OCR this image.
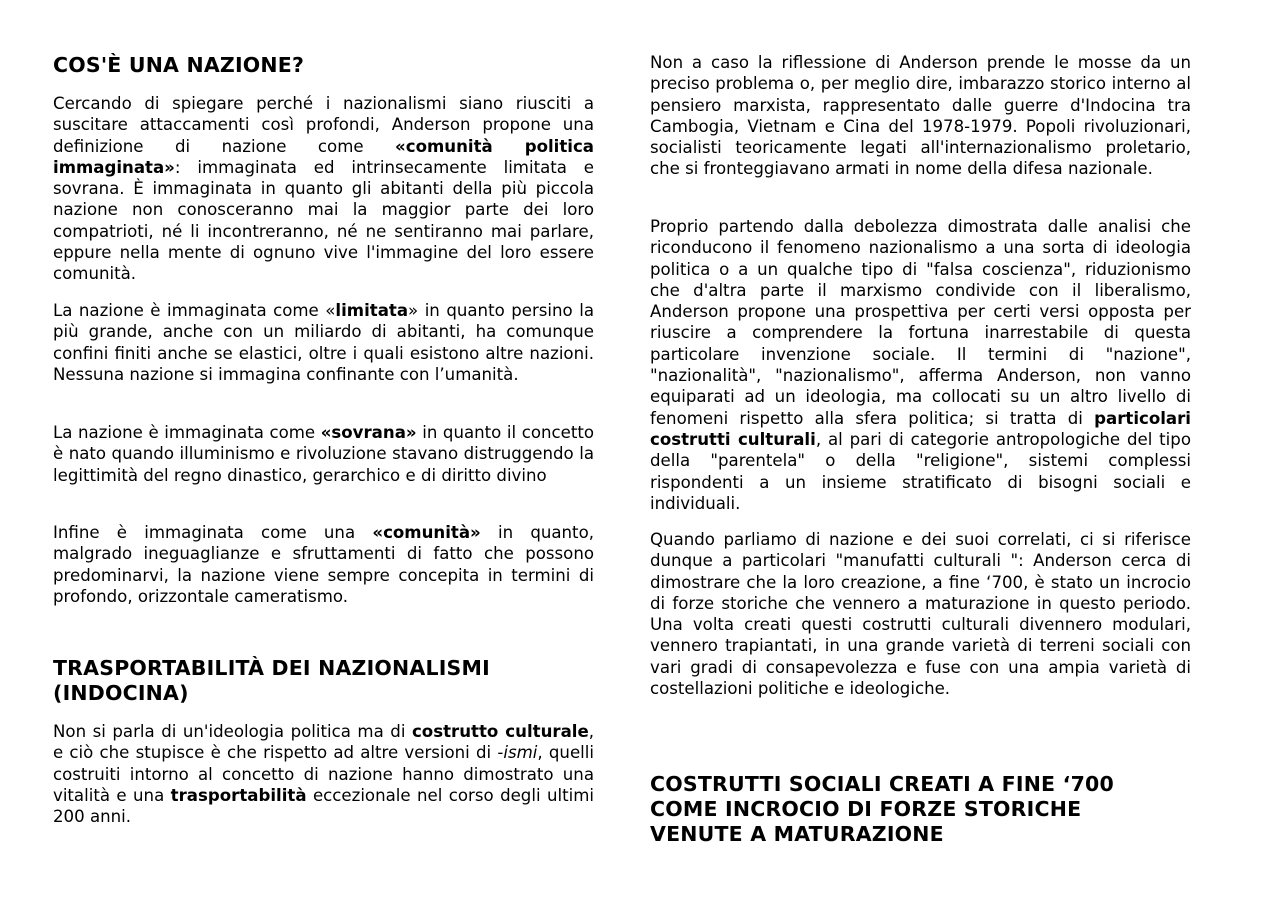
COS'È UNA NAZIONE?

Cercando di spiegare perché i nazionalismi siano riusciti a suscitare attaccamenti così profondi, Anderson propone una definizione di nazione come «comunità politica immaginata»: immaginata ed intrinsecamente limitata e sovrana. È immaginata in quanto gli abitanti della più piccola nazione non conosceranno mai la maggior parte dei loro compatrioti, né li incontreranno, né ne sentiranno mai parlare, eppure nella mente di ognuno vive l'immagine del loro essere comunità.

La nazione è immaginata come «limitata» in quanto persino la più grande, anche con un miliardo di abitanti, ha comunque confini finiti anche se elastici, oltre i quali esistono altre nazioni. Nessuna nazione si immagina confinante con l’umanità.

La nazione è immaginata come «sovrana» in quanto il concetto è nato quando illuminismo e rivoluzione stavano distruggendo la legittimità del regno dinastico, gerarchico e di diritto divino

Infine è immaginata come una «comunità» in quanto, malgrado ineguaglianze e sfruttamenti di fatto che possono predominarvi, la nazione viene sempre concepita in termini di profondo, orizzontale cameratismo.

TRASPORTABILITÀ DEI NAZIONALISMI (INDOCINA)

Non si parla di un'ideologia politica ma di costrutto culturale, e ciò che stupisce è che rispetto ad altre versioni di -ismi, quelli costruiti intorno al concetto di nazione hanno dimostrato una vitalità e una trasportabilità eccezionale nel corso degli ultimi 200 anni.

Non a caso la riflessione di Anderson prende le mosse da un preciso problema o, per meglio dire, imbarazzo storico interno al pensiero marxista, rappresentato dalle guerre d'Indocina tra Cambogia, Vietnam e Cina del 1978-1979. Popoli rivoluzionari, socialisti teoricamente legati all'internazionalismo proletario, che si fronteggiavano armati in nome della difesa nazionale.

Proprio partendo dalla debolezza dimostrata dalle analisi che riconducono il fenomeno nazionalismo a una sorta di ideologia politica o a un qualche tipo di "falsa coscienza", riduzionismo che d'altra parte il marxismo condivide con il liberalismo, Anderson propone una prospettiva per certi versi opposta per riuscire a comprendere la fortuna inarrestabile di questa particolare invenzione sociale. Il termini di "nazione", "nazionalità", "nazionalismo", afferma Anderson, non vanno equiparati ad un ideologia, ma collocati su un altro livello di fenomeni rispetto alla sfera politica; si tratta di particolari costrutti culturali, al pari di categorie antropologiche del tipo della "parentela" o della "religione", sistemi complessi rispondenti a un insieme stratificato di bisogni sociali e individuali.

Quando parliamo di nazione e dei suoi correlati, ci si riferisce dunque a particolari "manufatti culturali ": Anderson cerca di dimostrare che la loro creazione, a fine ‘700, è stato un incrocio di forze storiche che vennero a maturazione in questo periodo. Una volta creati questi costrutti culturali divennero modulari, vennero trapiantati, in una grande varietà di terreni sociali con vari gradi di consapevolezza e fuse con una ampia varietà di costellazioni politiche e ideologiche.

COSTRUTTI SOCIALI CREATI A FINE ‘700 COME INCROCIO DI FORZE STORICHE VENUTE A MATURAZIONE
